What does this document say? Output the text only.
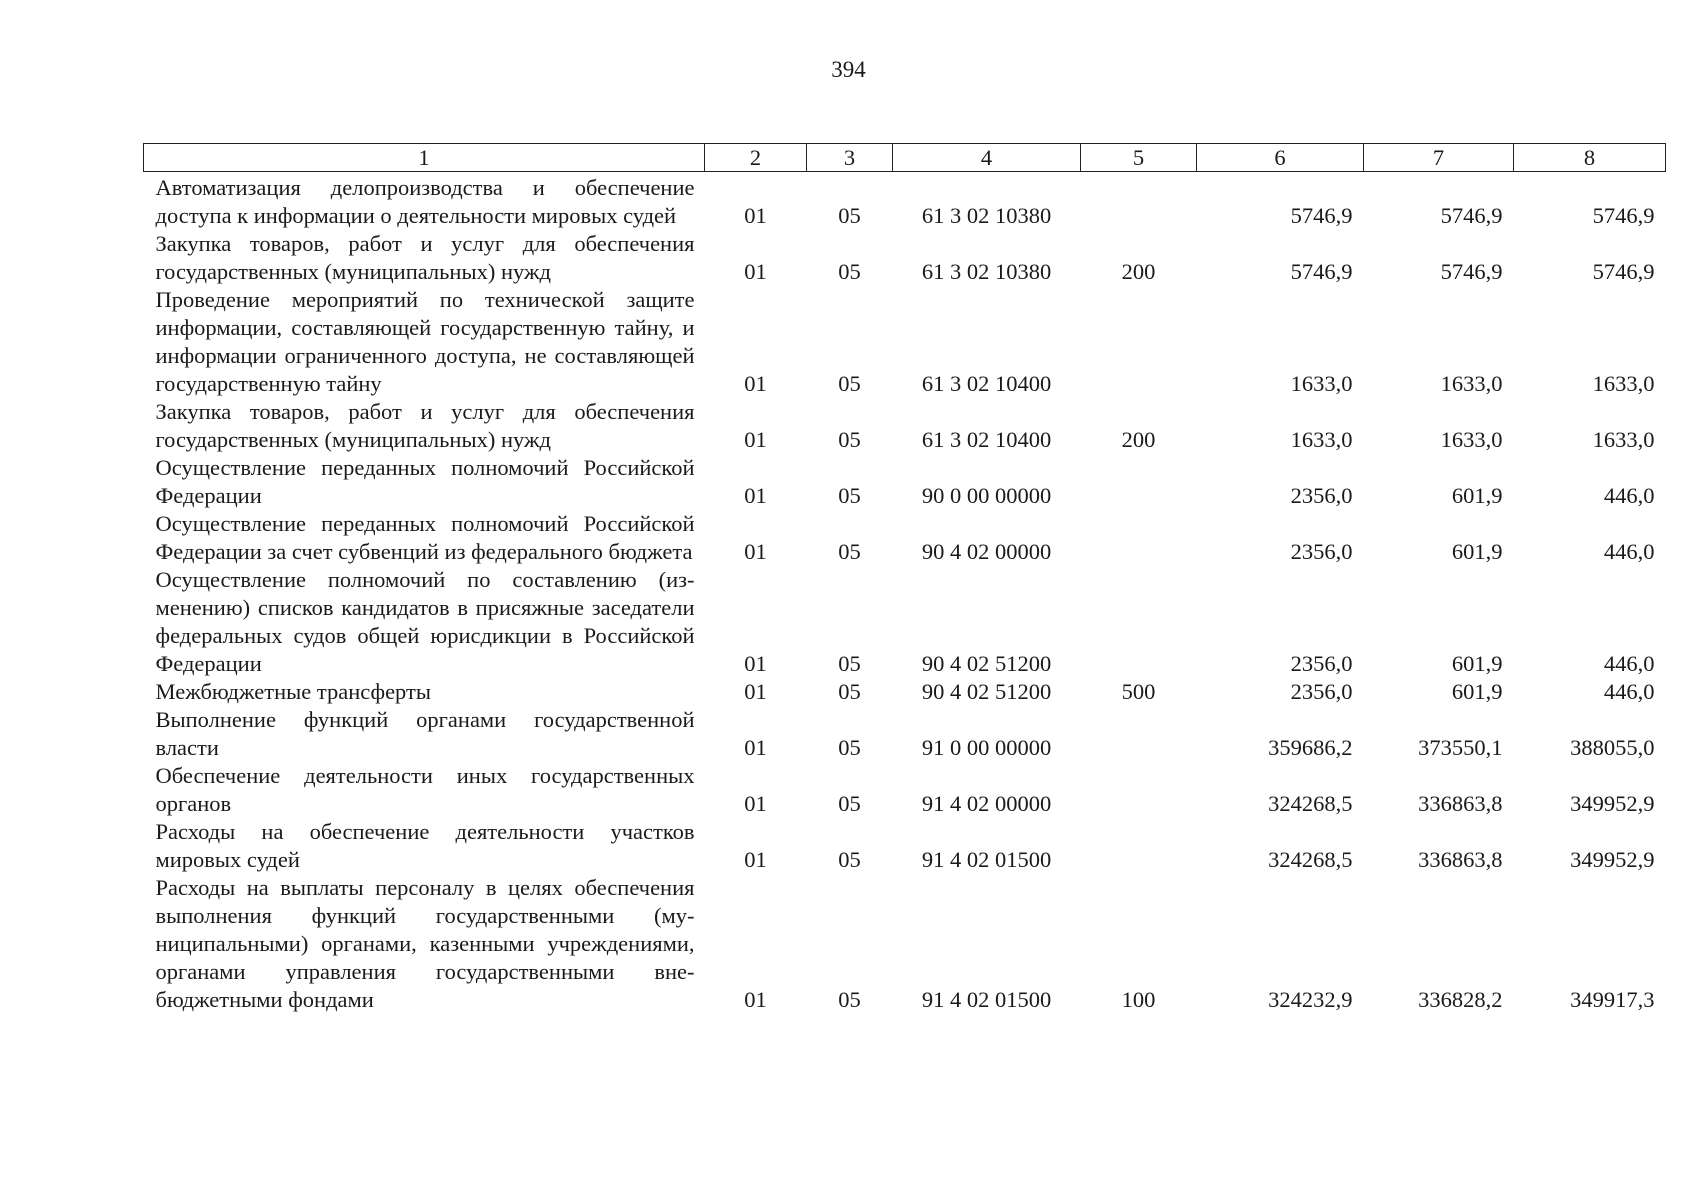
394
1	2	3	4	5	6	7	8
Автоматизация делопроизводства и обеспечение доступа к информации о деятельности мировых судей	01	05	61 3 02 10380		5746,9	5746,9	5746,9
Закупка товаров, работ и услуг для обеспечения государственных (муниципальных) нужд	01	05	61 3 02 10380	200	5746,9	5746,9	5746,9
Проведение мероприятий по технической защите информации, составляющей государственную тайну, и информации ограниченного доступа, не составляющей государственную тайну	01	05	61 3 02 10400		1633,0	1633,0	1633,0
Закупка товаров, работ и услуг для обеспечения государственных (муниципальных) нужд	01	05	61 3 02 10400	200	1633,0	1633,0	1633,0
Осуществление переданных полномочий Российской Федерации	01	05	90 0 00 00000		2356,0	601,9	446,0
Осуществление переданных полномочий Российской Федерации за счет субвенций из федерального бюджета	01	05	90 4 02 00000		2356,0	601,9	446,0
Осуществление полномочий по составлению (изменению) списков кандидатов в присяжные заседатели федеральных судов общей юрисдикции в Российской Федерации	01	05	90 4 02 51200		2356,0	601,9	446,0
Межбюджетные трансферты	01	05	90 4 02 51200	500	2356,0	601,9	446,0
Выполнение функций органами государственной власти	01	05	91 0 00 00000		359686,2	373550,1	388055,0
Обеспечение деятельности иных государственных органов	01	05	91 4 02 00000		324268,5	336863,8	349952,9
Расходы на обеспечение деятельности участков мировых судей	01	05	91 4 02 01500		324268,5	336863,8	349952,9
Расходы на выплаты персоналу в целях обеспечения выполнения функций государственными (муниципальными) органами, казенными учреждениями, органами управления государственными внебюджетными фондами	01	05	91 4 02 01500	100	324232,9	336828,2	349917,3
